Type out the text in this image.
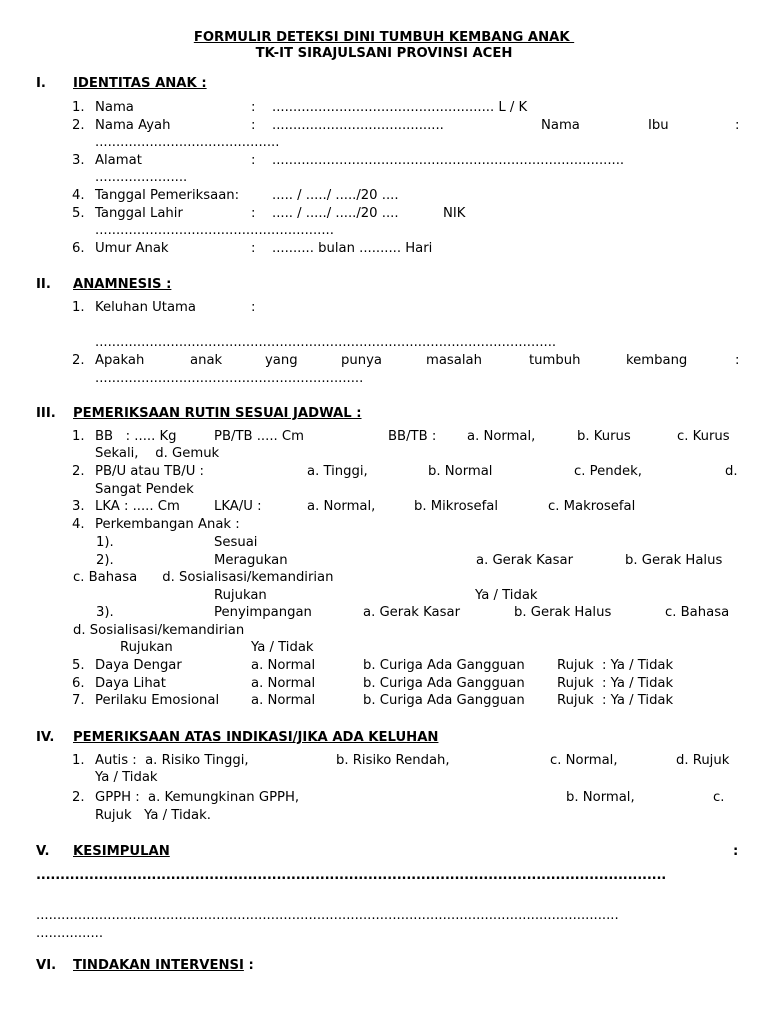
FORMULIR DETEKSI DINI TUMBUH KEMBANG ANAK
TK-IT SIRAJULSANI PROVINSI ACEH
I. IDENTITAS ANAK :
1. Nama	: ..................................................... L / K
2. Nama Ayah	: .........................................	Nama	Ibu	:
............................................
3. Alamat	: ....................................................................................
......................
4. Tanggal Pemeriksaan: ..... / ...../ ...../20 ....
5. Tanggal Lahir	: ..... / ...../ ...../20 ....	NIK
.........................................................
6. Umur Anak	: .......... bulan .......... Hari
II. ANAMNESIS :
1. Keluhan Utama	:
..............................................................................................................
2. Apakah	anak	yang	punya	masalah	tumbuh	kembang	:
................................................................
III. PEMERIKSAAN RUTIN SESUAI JADWAL :
1. BB   : ..... Kg	PB/TB ..... Cm	BB/TB : a. Normal,	b. Kurus	c. Kurus
Sekali,    d. Gemuk
2. PB/U atau TB/U :	a. Tinggi,	b. Normal	c. Pendek,	d.
Sangat Pendek
3. LKA : ..... Cm	LKA/U :	a. Normal,	b. Mikrosefal	c. Makrosefal
4. Perkembangan Anak :
1).	Sesuai
2).	Meragukan	a. Gerak Kasar	b. Gerak Halus
c. Bahasa      d. Sosialisasi/kemandirian
Rujukan	Ya / Tidak
3).	Penyimpangan	a. Gerak Kasar	b. Gerak Halus	c. Bahasa
d. Sosialisasi/kemandirian
Rujukan	Ya / Tidak
5. Daya Dengar	a. Normal	b. Curiga Ada Gangguan Rujuk  : Ya / Tidak
6. Daya Lihat	a. Normal	b. Curiga Ada Gangguan Rujuk  : Ya / Tidak
7. Perilaku Emosional a. Normal	b. Curiga Ada Gangguan Rujuk  : Ya / Tidak
IV. PEMERIKSAAN ATAS INDIKASI/JIKA ADA KELUHAN
1. Autis :  a. Risiko Tinggi,	b. Risiko Rendah,	c. Normal,	d. Rujuk
Ya / Tidak
2. GPPH :  a. Kemungkinan GPPH,	b. Normal,	c.
Rujuk   Ya / Tidak.
V. KESIMPULAN	:
...................................................................................................................................
...........................................................................................................................................
................
VI. TINDAKAN INTERVENSI :
